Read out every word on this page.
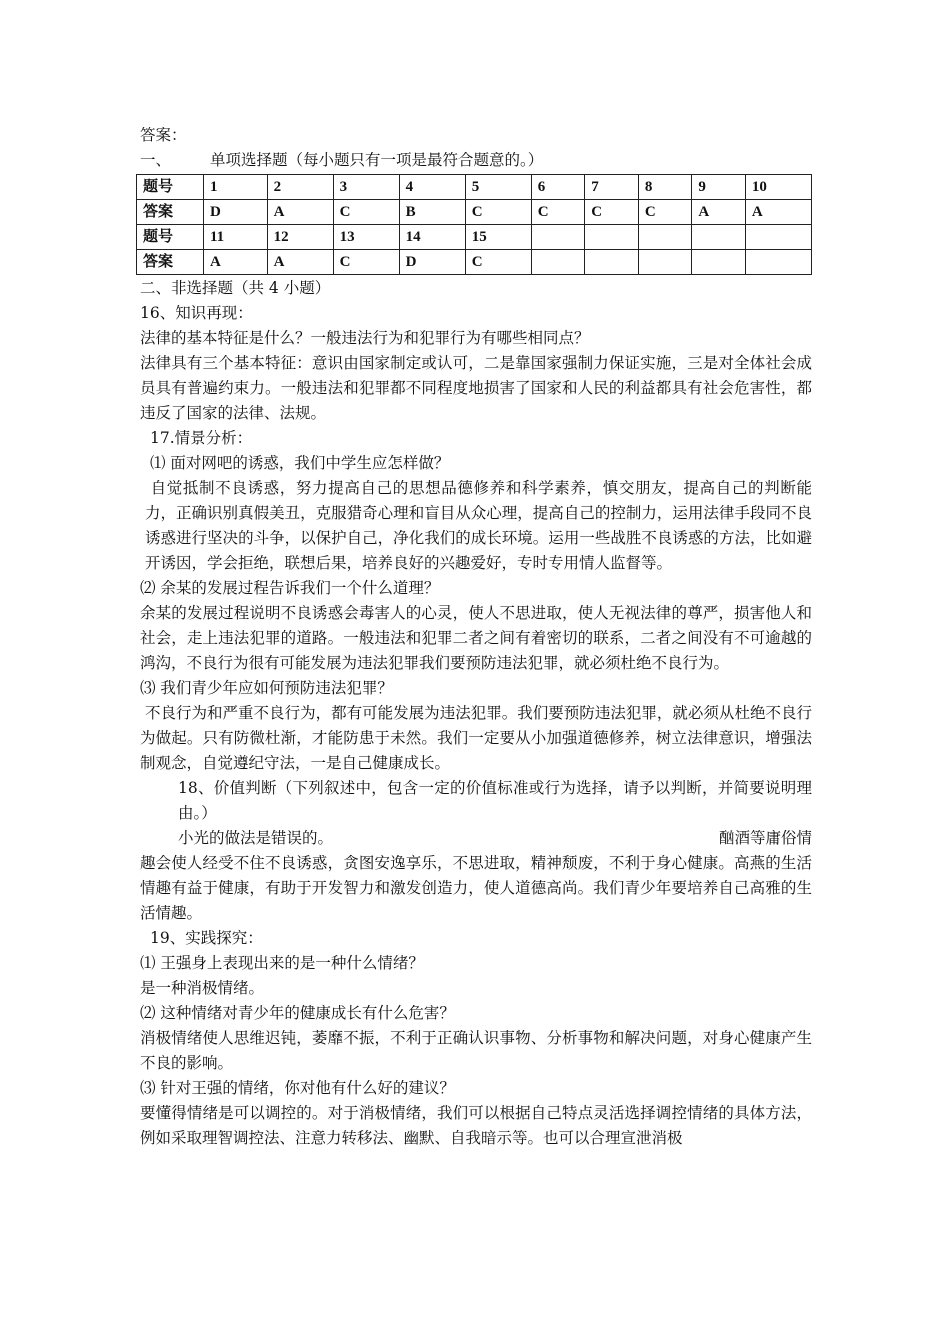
答案：

一、	单项选择题（每小题只有一项是最符合题意的。）
题号	1	2	3	4	5	6	7	8	9	10
答案	D	A	C	B	C	C	C	C	A	A
题号	11	12	13	14	15					
答案	A	A	C	D	C					

二、非选择题（共 4 小题）

16、知识再现：

法律的基本特征是什么？一般违法行为和犯罪行为有哪些相同点？

法律具有三个基本特征：意识由国家制定或认可，二是靠国家强制力保证实施，三是对全体社会成员具有普遍约束力。一般违法和犯罪都不同程度地损害了国家和人民的利益都具有社会危害性，都违反了国家的法律、法规。

17.情景分析：

⑴ 面对网吧的诱惑，我们中学生应怎样做？

自觉抵制不良诱惑，努力提高自己的思想品德修养和科学素养，慎交朋友，提高自己的判断能力，正确识别真假美丑，克服猎奇心理和盲目从众心理，提高自己的控制力，运用法律手段同不良诱惑进行坚决的斗争，以保护自己，净化我们的成长环境。运用一些战胜不良诱惑的方法，比如避开诱因，学会拒绝，联想后果，培养良好的兴趣爱好，专时专用情人监督等。

⑵ 余某的发展过程告诉我们一个什么道理？

余某的发展过程说明不良诱惑会毒害人的心灵，使人不思进取，使人无视法律的尊严，损害他人和社会，走上违法犯罪的道路。一般违法和犯罪二者之间有着密切的联系，二者之间没有不可逾越的鸿沟，不良行为很有可能发展为违法犯罪我们要预防违法犯罪，就必须杜绝不良行为。

⑶ 我们青少年应如何预防违法犯罪？

不良行为和严重不良行为，都有可能发展为违法犯罪。我们要预防违法犯罪，就必须从杜绝不良行为做起。只有防微杜渐，才能防患于未然。我们一定要从小加强道德修养，树立法律意识，增强法制观念，自觉遵纪守法，一是自己健康成长。

18、价值判断（下列叙述中，包含一定的价值标准或行为选择，请予以判断，并简要说明理由。）

小光的做法是错误的。	酗酒等庸俗情

趣会使人经受不住不良诱惑，贪图安逸享乐，不思进取，精神颓废，不利于身心健康。高燕的生活情趣有益于健康，有助于开发智力和激发创造力，使人道德高尚。我们青少年要培养自己高雅的生活情趣。

19、实践探究：

⑴ 王强身上表现出来的是一种什么情绪？

是一种消极情绪。

⑵ 这种情绪对青少年的健康成长有什么危害？

消极情绪使人思维迟钝，萎靡不振，不利于正确认识事物、分析事物和解决问题，对身心健康产生不良的影响。

⑶ 针对王强的情绪，你对他有什么好的建议？

要懂得情绪是可以调控的。对于消极情绪，我们可以根据自己特点灵活选择调控情绪的具体方法，例如采取理智调控法、注意力转移法、幽默、自我暗示等。也可以合理宣泄消极
